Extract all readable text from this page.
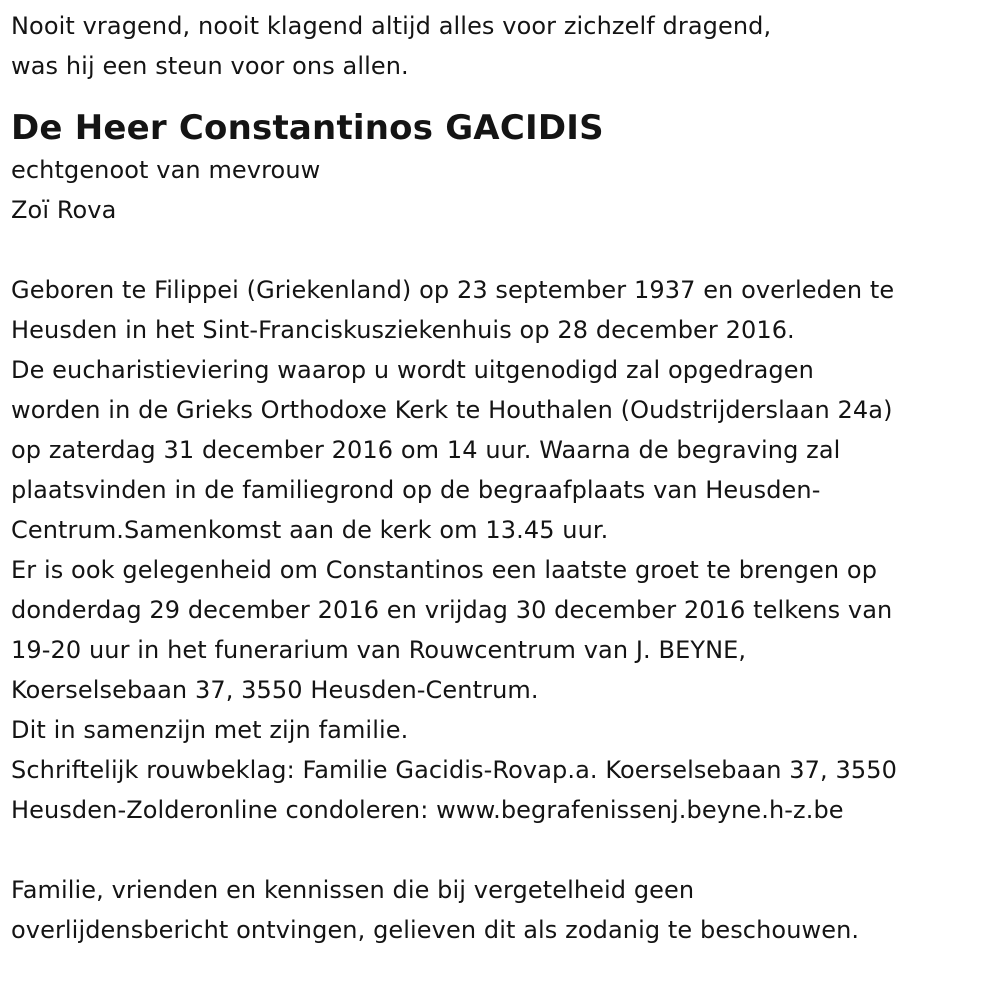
Nooit vragend, nooit klagend altijd alles voor zichzelf dragend,
was hij een steun voor ons allen.
De Heer Constantinos GACIDIS
echtgenoot van mevrouw
Zoï Rova
Geboren te Filippei (Griekenland) op 23 september 1937 en overleden te
Heusden in het Sint-Franciskusziekenhuis op 28 december 2016.
De eucharistieviering waarop u wordt uitgenodigd zal opgedragen
worden in de Grieks Orthodoxe Kerk te Houthalen (Oudstrijderslaan 24a)
op zaterdag 31 december 2016 om 14 uur. Waarna de begraving zal
plaatsvinden in de familiegrond op de begraafplaats van Heusden-
Centrum.Samenkomst aan de kerk om 13.45 uur.
Er is ook gelegenheid om Constantinos een laatste groet te brengen op
donderdag 29 december 2016 en vrijdag 30 december 2016 telkens van
19-20 uur in het funerarium van Rouwcentrum van J. BEYNE,
Koerselsebaan 37, 3550 Heusden-Centrum.
Dit in samenzijn met zijn familie.
Schriftelijk rouwbeklag: Familie Gacidis-Rovap.a. Koerselsebaan 37, 3550
Heusden-Zolderonline condoleren: www.begrafenissenj.beyne.h-z.be
Familie, vrienden en kennissen die bij vergetelheid geen
overlijdensbericht ontvingen, gelieven dit als zodanig te beschouwen.
